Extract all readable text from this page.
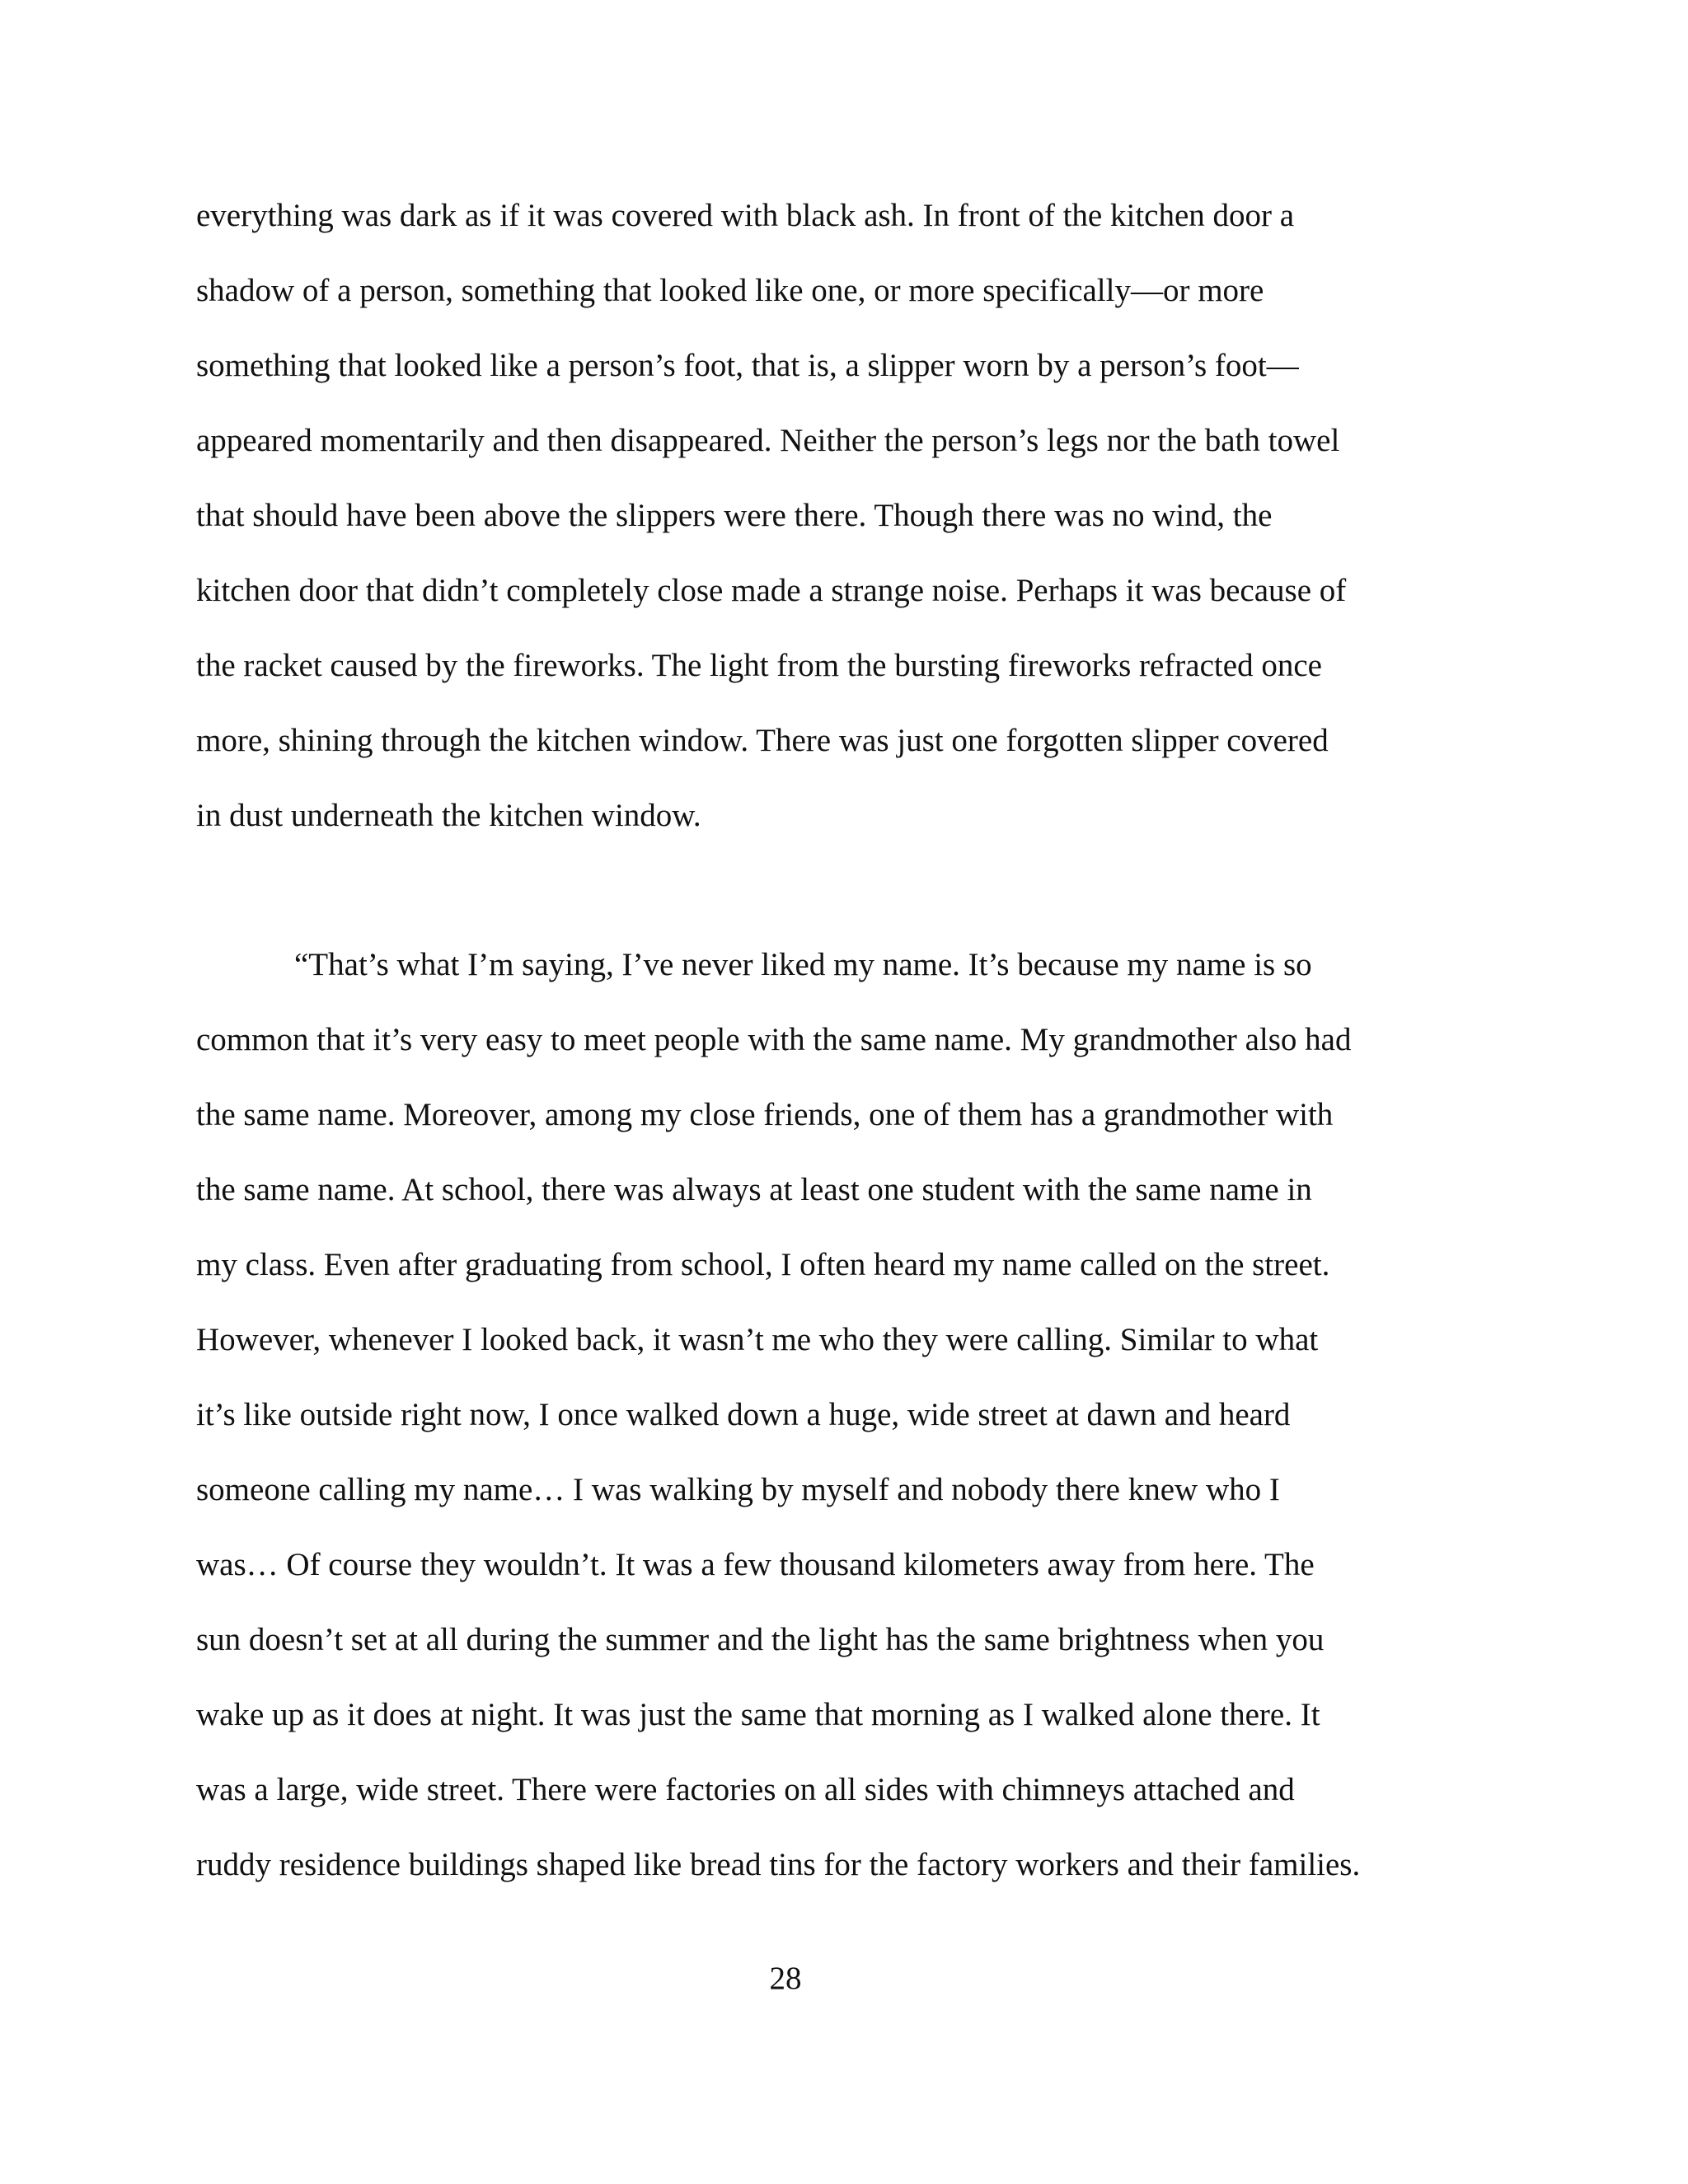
everything was dark as if it was covered with black ash. In front of the kitchen door a
shadow of a person, something that looked like one, or more specifically—or more
something that looked like a person’s foot, that is, a slipper worn by a person’s foot—
appeared momentarily and then disappeared. Neither the person’s legs nor the bath towel
that should have been above the slippers were there. Though there was no wind, the
kitchen door that didn’t completely close made a strange noise. Perhaps it was because of
the racket caused by the fireworks. The light from the bursting fireworks refracted once
more, shining through the kitchen window. There was just one forgotten slipper covered
in dust underneath the kitchen window.
“That’s what I’m saying, I’ve never liked my name. It’s because my name is so
common that it’s very easy to meet people with the same name. My grandmother also had
the same name. Moreover, among my close friends, one of them has a grandmother with
the same name. At school, there was always at least one student with the same name in
my class. Even after graduating from school, I often heard my name called on the street.
However, whenever I looked back, it wasn’t me who they were calling. Similar to what
it’s like outside right now, I once walked down a huge, wide street at dawn and heard
someone calling my name… I was walking by myself and nobody there knew who I
was… Of course they wouldn’t. It was a few thousand kilometers away from here. The
sun doesn’t set at all during the summer and the light has the same brightness when you
wake up as it does at night. It was just the same that morning as I walked alone there. It
was a large, wide street. There were factories on all sides with chimneys attached and
ruddy residence buildings shaped like bread tins for the factory workers and their families.
28
